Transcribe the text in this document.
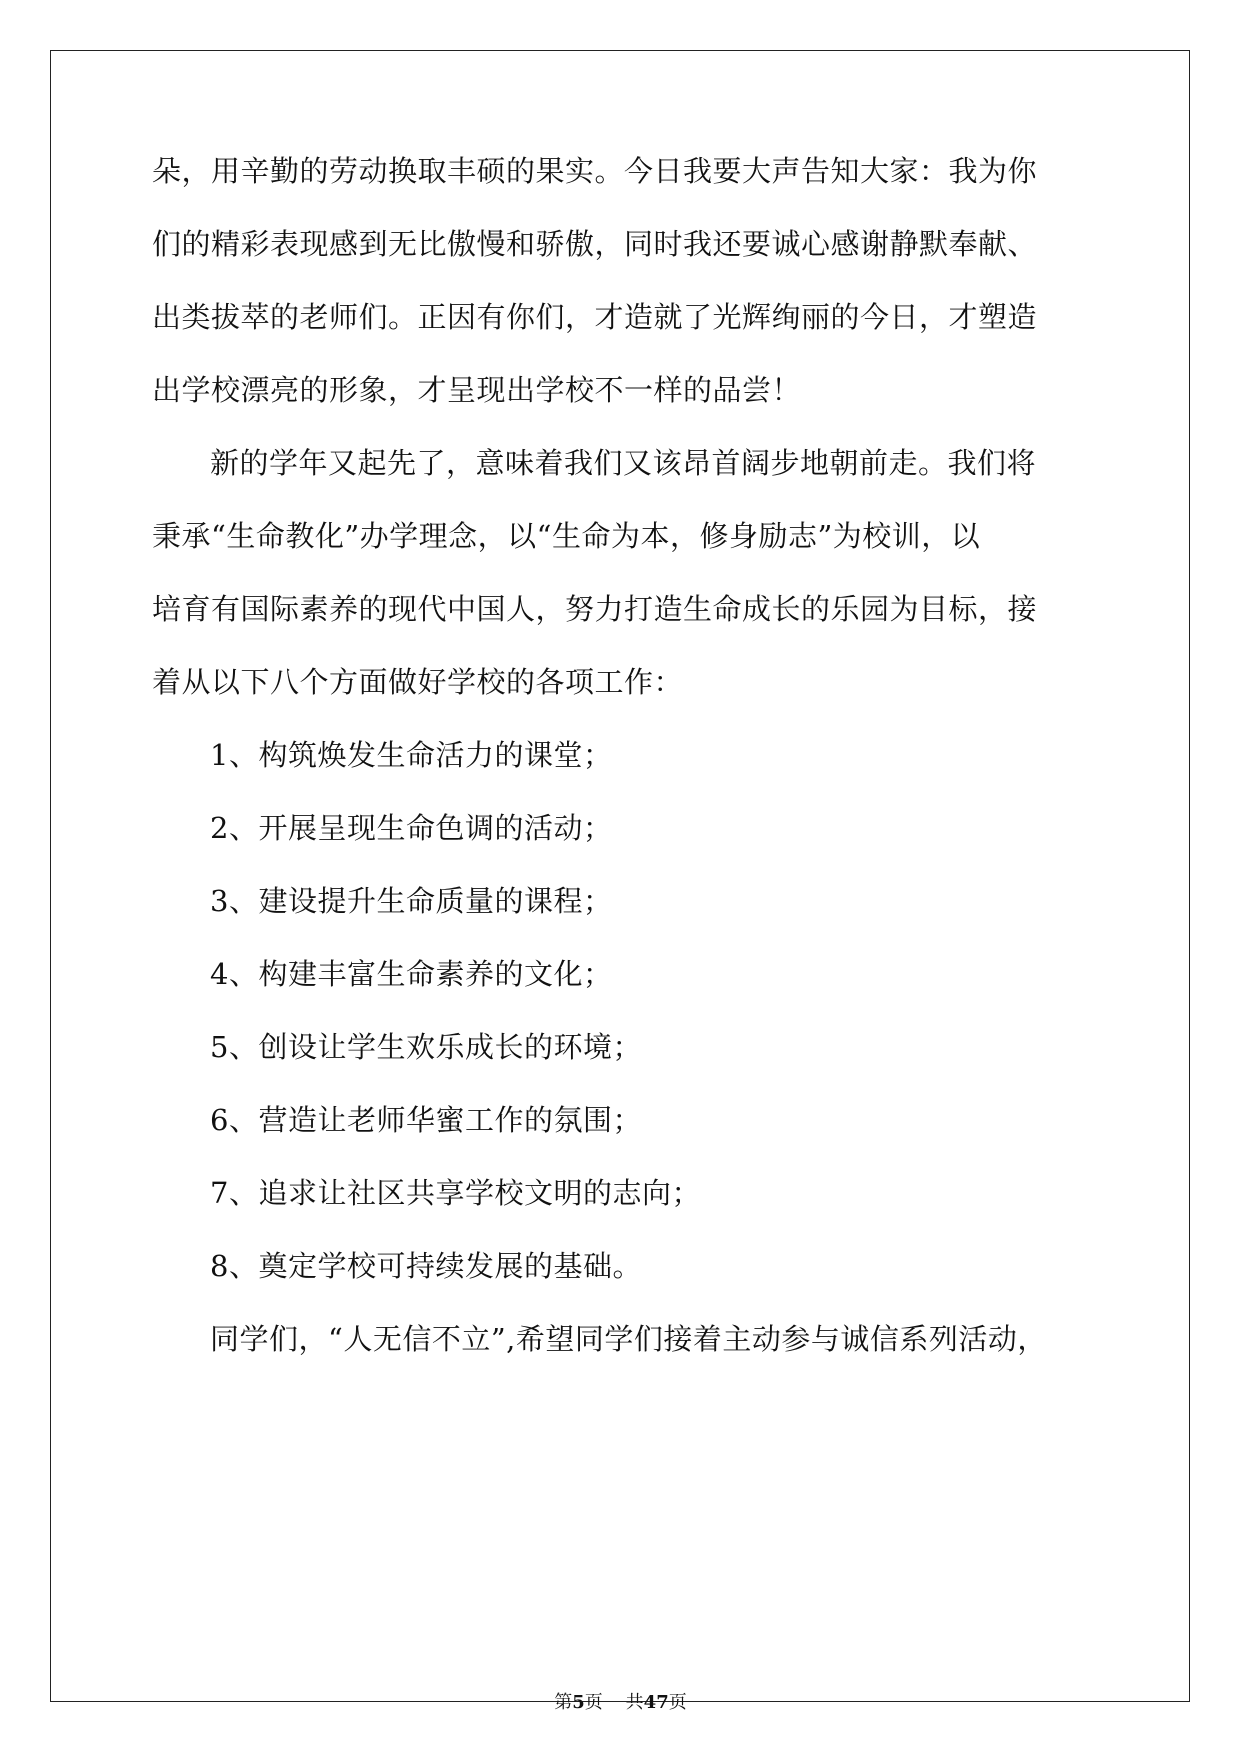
朵，用辛勤的劳动换取丰硕的果实。今日我要大声告知大家：我为你
们的精彩表现感到无比傲慢和骄傲，同时我还要诚心感谢静默奉献、
出类拔萃的老师们。正因有你们，才造就了光辉绚丽的今日，才塑造
出学校漂亮的形象，才呈现出学校不一样的品尝！
新的学年又起先了，意味着我们又该昂首阔步地朝前走。我们将
秉承“生命教化”办学理念，以“生命为本，修身励志”为校训，以
培育有国际素养的现代中国人，努力打造生命成长的乐园为目标，接
着从以下八个方面做好学校的各项工作：
1、构筑焕发生命活力的课堂；
2、开展呈现生命色调的活动；
3、建设提升生命质量的课程；
4、构建丰富生命素养的文化；
5、创设让学生欢乐成长的环境；
6、营造让老师华蜜工作的氛围；
7、追求让社区共享学校文明的志向；
8、奠定学校可持续发展的基础。
同学们，“人无信不立”,希望同学们接着主动参与诚信系列活动，
第5页 共47页
